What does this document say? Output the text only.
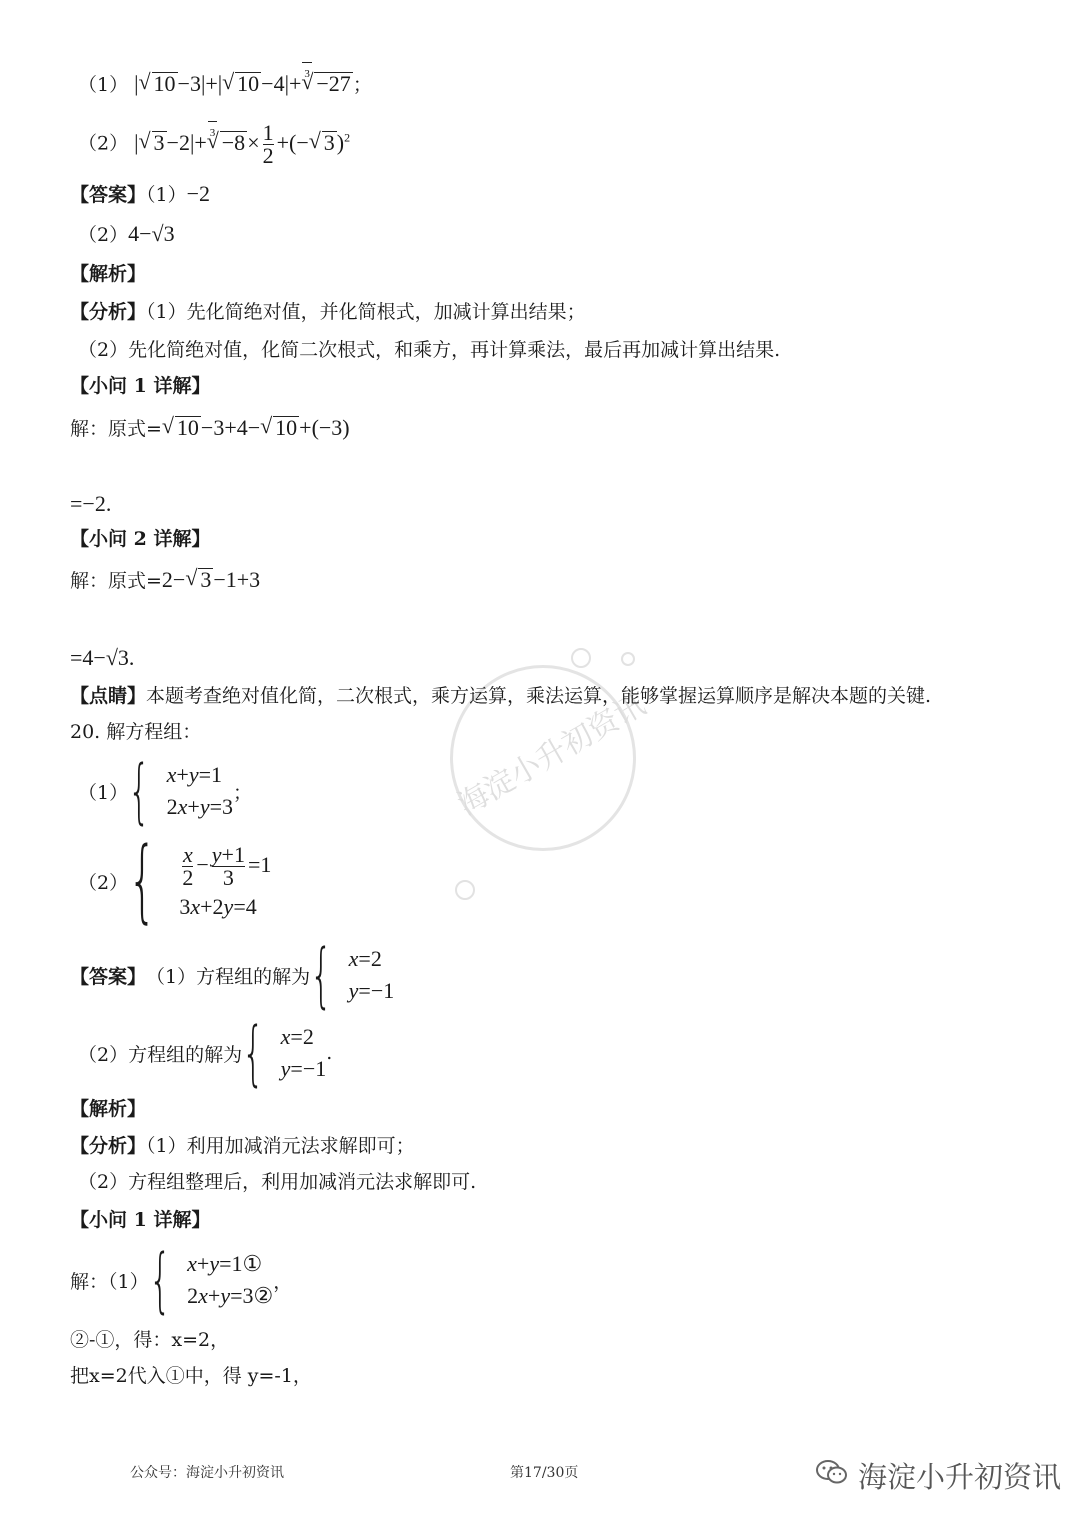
海淀小升初资讯
（1） | √ 10−3|+| √ 10−4|+ √ 3 −27 ；
（2） | √ 3−2|+ √ $3 -8\times \frac{1}{2}$ +(− √ 3)$^2$
【答案】（1）−2
（2）4−√3
【解析】
【分析】（1）先化简绝对值，并化简根式，加减计算出结果；
（2）先化简绝对值，化简二次根式，和乘方，再计算乘法，最后再加减计算出结果.
【小问 1 详解】
解：原式= √ 10−3+4− √ 10+(−3)
=−2.
【小问 2 详解】
解：原式=2− √ 3−1+3
=4−√3.
【点睛】本题考查绝对值化简，二次根式，乘方运算，乘法运算，能够掌握运算顺序是解决本题的关键.
20. 解方程组：
（1） { x+y=1
2x+y=3
；
（2） { $\frac{x}{2} - \frac{y+1}{3} =1$
3x+2y=4
【答案】 （1）方程组的解为 { x=2
y=−1
（2）方程组的解为 { x=2
y=−1
.
【解析】
【分析】（1）利用加减消元法求解即可；
（2）方程组整理后，利用加减消元法求解即可.
【小问 1 详解】
解：（1） { x+y=1①
2x+y=3②
，
②-①，得：x=2，
把x=2代入①中，得 y=-1，
公众号：海淀小升初资讯	第17/30页	海淀小升初资讯
